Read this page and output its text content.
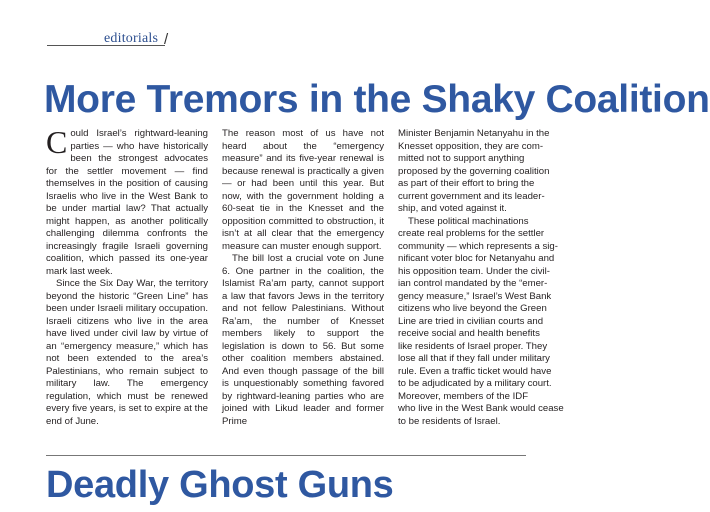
editorials /
More Tremors in the Shaky Coalition

Could Israel’s rightward-leaning parties — who have historically been the strongest advocates for the settler movement — find themselves in the position of causing Israelis who live in the West Bank to be under martial law? That actually might happen, as another politically challenging dilemma confronts the increasingly fragile Israeli governing coalition, which passed its one-year mark last week.

Since the Six Day War, the territory beyond the historic “Green Line” has been under Israeli military occupation. Israeli citizens who live in the area have lived under civil law by virtue of an “emergency measure,” which has not been extended to the area’s Palestinians, who remain subject to military law. The emergency regulation, which must be renewed every five years, is set to expire at the end of June.

The reason most of us have not heard about the “emergency measure” and its five-year renewal is because renewal is practically a given — or had been until this year. But now, with the government holding a 60-seat tie in the Knesset and the opposition committed to obstruction, it isn’t at all clear that the emergency measure can muster enough support.

The bill lost a crucial vote on June 6. One partner in the coalition, the Islamist Ra’am party, cannot support a law that favors Jews in the territory and not fellow Palestinians. Without Ra’am, the number of Knesset members likely to support the legislation is down to 56. But some other coalition members abstained. And even though passage of the bill is unquestionably something favored by rightward-leaning parties who are joined with Likud leader and former Prime

Minister Benjamin Netanyahu in the
Knesset opposition, they are com-
mitted not to support anything
proposed by the governing coalition
as part of their effort to bring the
current government and its leader-
ship, and voted against it.
These political machinations
create real problems for the settler
community — which represents a sig-
nificant voter bloc for Netanyahu and
his opposition team. Under the civil-
ian control mandated by the “emer-
gency measure,” Israel’s West Bank
citizens who live beyond the Green
Line are tried in civilian courts and
receive social and health benefits
like residents of Israel proper. They
lose all that if they fall under military
rule. Even a traffic ticket would have
to be adjudicated by a military court.
Moreover, members of the IDF
who live in the West Bank would cease
to be residents of Israel.
Deadly Ghost Guns
